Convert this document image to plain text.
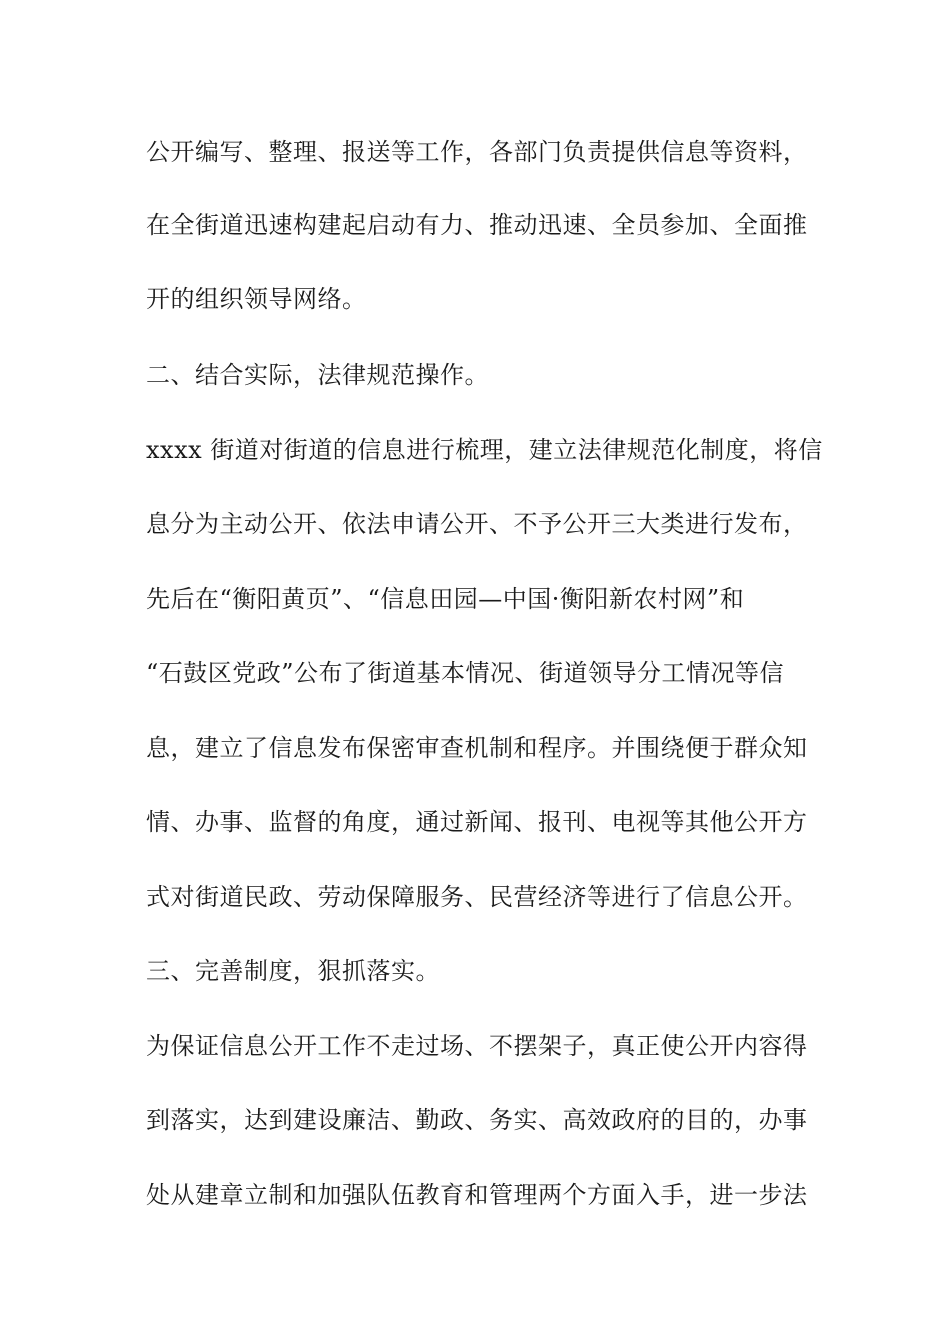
公开编写、整理、报送等工作，各部门负责提供信息等资料，
在全街道迅速构建起启动有力、推动迅速、全员参加、全面推
开的组织领导网络。
二、结合实际，法律规范操作。
xxxx 街道对街道的信息进行梳理，建立法律规范化制度，将信
息分为主动公开、依法申请公开、不予公开三大类进行发布，
先后在“衡阳黄页”、“信息田园—中国·衡阳新农村网”和
“石鼓区党政”公布了街道基本情况、街道领导分工情况等信
息，建立了信息发布保密审查机制和程序。并围绕便于群众知
情、办事、监督的角度，通过新闻、报刊、电视等其他公开方
式对街道民政、劳动保障服务、民营经济等进行了信息公开。
三、完善制度，狠抓落实。
为保证信息公开工作不走过场、不摆架子，真正使公开内容得
到落实，达到建设廉洁、勤政、务实、高效政府的目的，办事
处从建章立制和加强队伍教育和管理两个方面入手，进一步法
